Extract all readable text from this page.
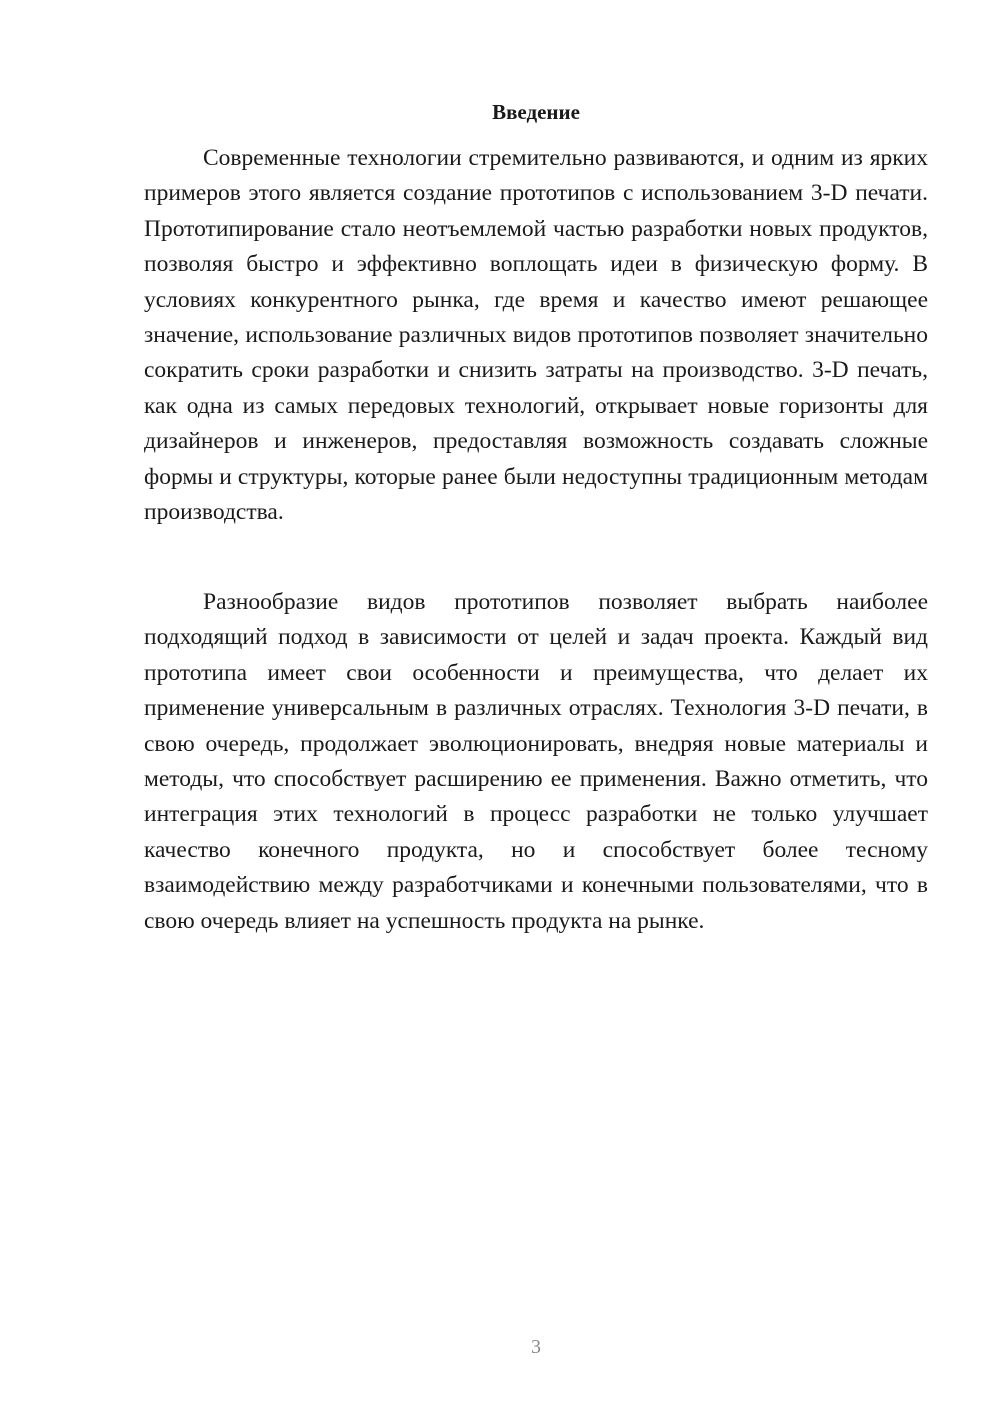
Введение

Современные технологии стремительно развиваются, и одним из ярких примеров этого является создание прототипов с использованием 3-D печати. Прототипирование стало неотъемлемой частью разработки новых продуктов, позволяя быстро и эффективно воплощать идеи в физическую форму. В условиях конкурентного рынка, где время и качество имеют решающее значение, использование различных видов прототипов позволяет значительно сократить сроки разработки и снизить затраты на производство. 3-D печать, как одна из самых передовых технологий, открывает новые горизонты для дизайнеров и инженеров, предоставляя возможность создавать сложные формы и структуры, которые ранее были недоступны традиционным методам производства.

Разнообразие видов прототипов позволяет выбрать наиболее подходящий подход в зависимости от целей и задач проекта. Каждый вид прототипа имеет свои особенности и преимущества, что делает их применение универсальным в различных отраслях. Технология 3-D печати, в свою очередь, продолжает эволюционировать, внедряя новые материалы и методы, что способствует расширению ее применения. Важно отметить, что интеграция этих технологий в процесс разработки не только улучшает качество конечного продукта, но и способствует более тесному взаимодействию между разработчиками и конечными пользователями, что в свою очередь влияет на успешность продукта на рынке.

3
